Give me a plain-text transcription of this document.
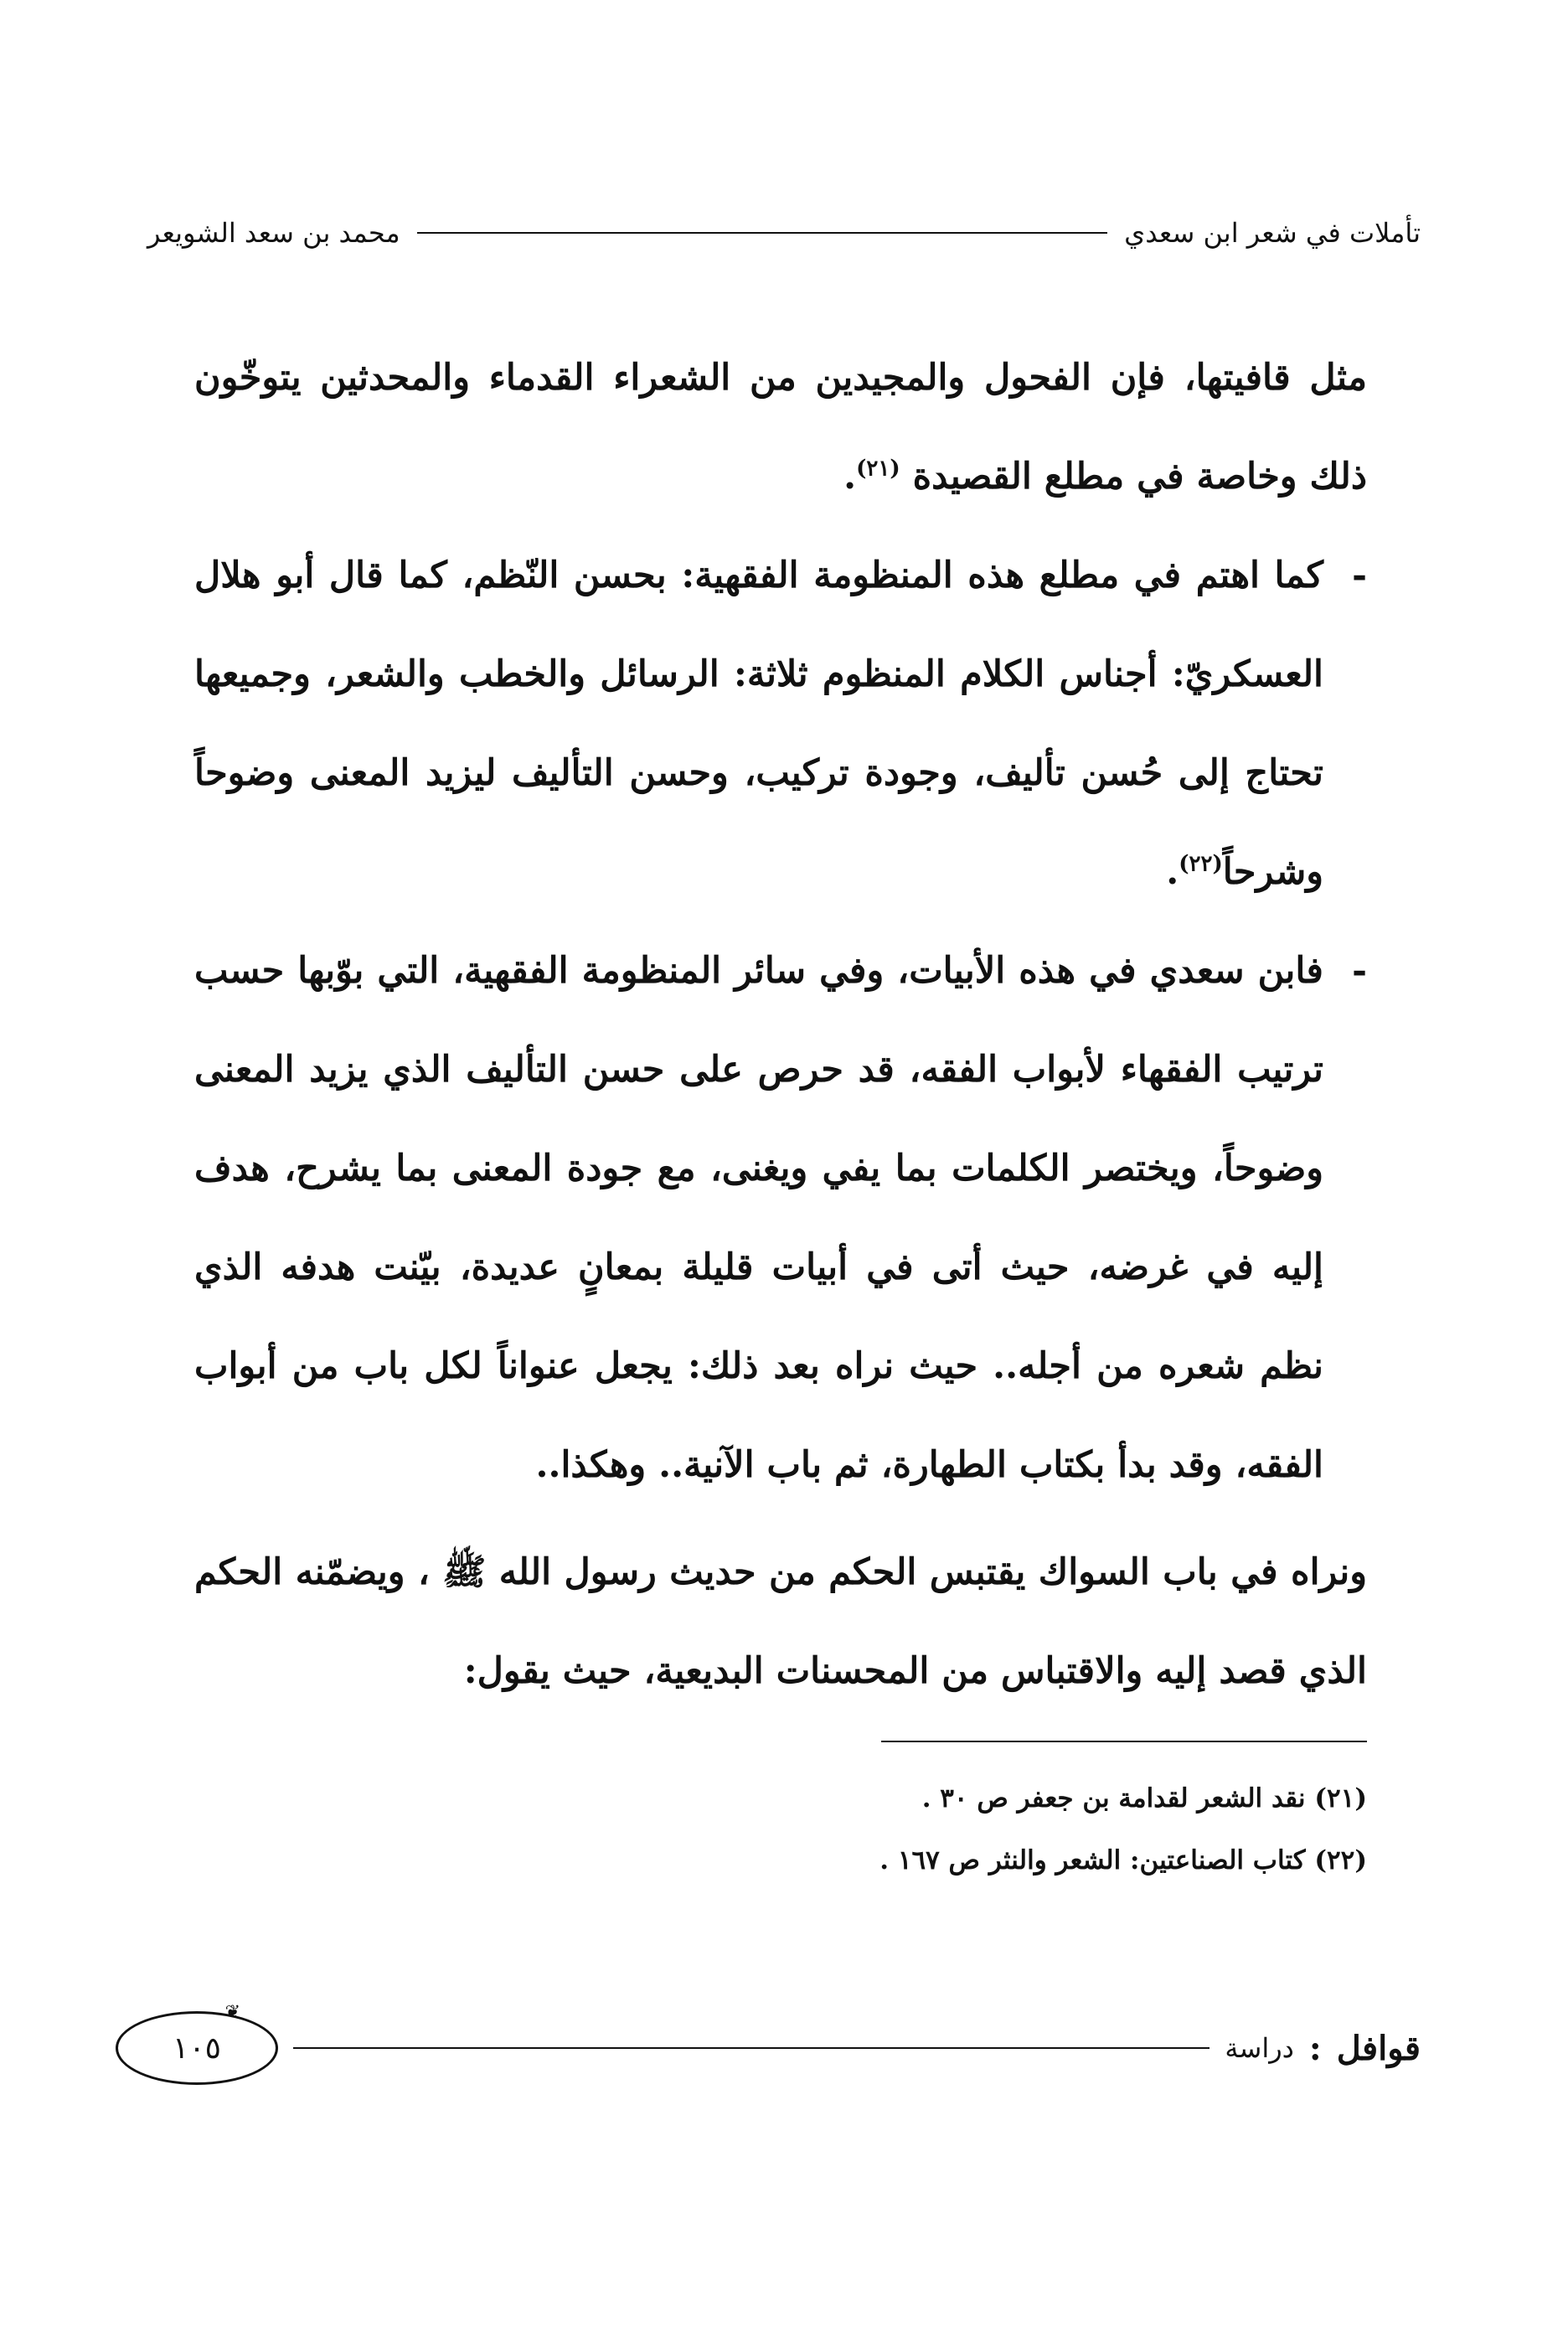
تأملات في شعر ابن سعدي
محمد بن سعد الشويعر

مثل قافيتها، فإن الفحول والمجيدين من الشعراء القدماء والمحدثين يتوخّون ذلك وخاصة في مطلع القصيدة $^{(٢١)}$.

-
كما اهتم في مطلع هذه المنظومة الفقهية: بحسن النّظم، كما قال أبو هلال العسكريّ: أجناس الكلام المنظوم ثلاثة: الرسائل والخطب والشعر، وجميعها تحتاج إلى حُسن تأليف، وجودة تركيب، وحسن التأليف ليزيد المعنى وضوحاً وشرحاً$^{(٢٢)}$.
-
فابن سعدي في هذه الأبيات، وفي سائر المنظومة الفقهية، التي بوّبها حسب ترتيب الفقهاء لأبواب الفقه، قد حرص على حسن التأليف الذي يزيد المعنى وضوحاً، ويختصر الكلمات بما يفي ويغنى، مع جودة المعنى بما يشرح، هدف إليه في غرضه، حيث أتى في أبيات قليلة بمعانٍ عديدة، بيّنت هدفه الذي نظم شعره من أجله.. حيث نراه بعد ذلك: يجعل عنواناً لكل باب من أبواب الفقه، وقد بدأ بكتاب الطهارة، ثم باب الآنية.. وهكذا..

ونراه في باب السواك يقتبس الحكم من حديث رسول الله ﷺ ، ويضمّنه الحكم الذي قصد إليه والاقتباس من المحسنات البديعية، حيث يقول:

(٢١) نقد الشعر لقدامة بن جعفر ص ٣٠ .

(٢٢) كتاب الصناعتين: الشعر والنثر ص ١٦٧ .

قوافل
:
دراسة
❦
١٠٥
